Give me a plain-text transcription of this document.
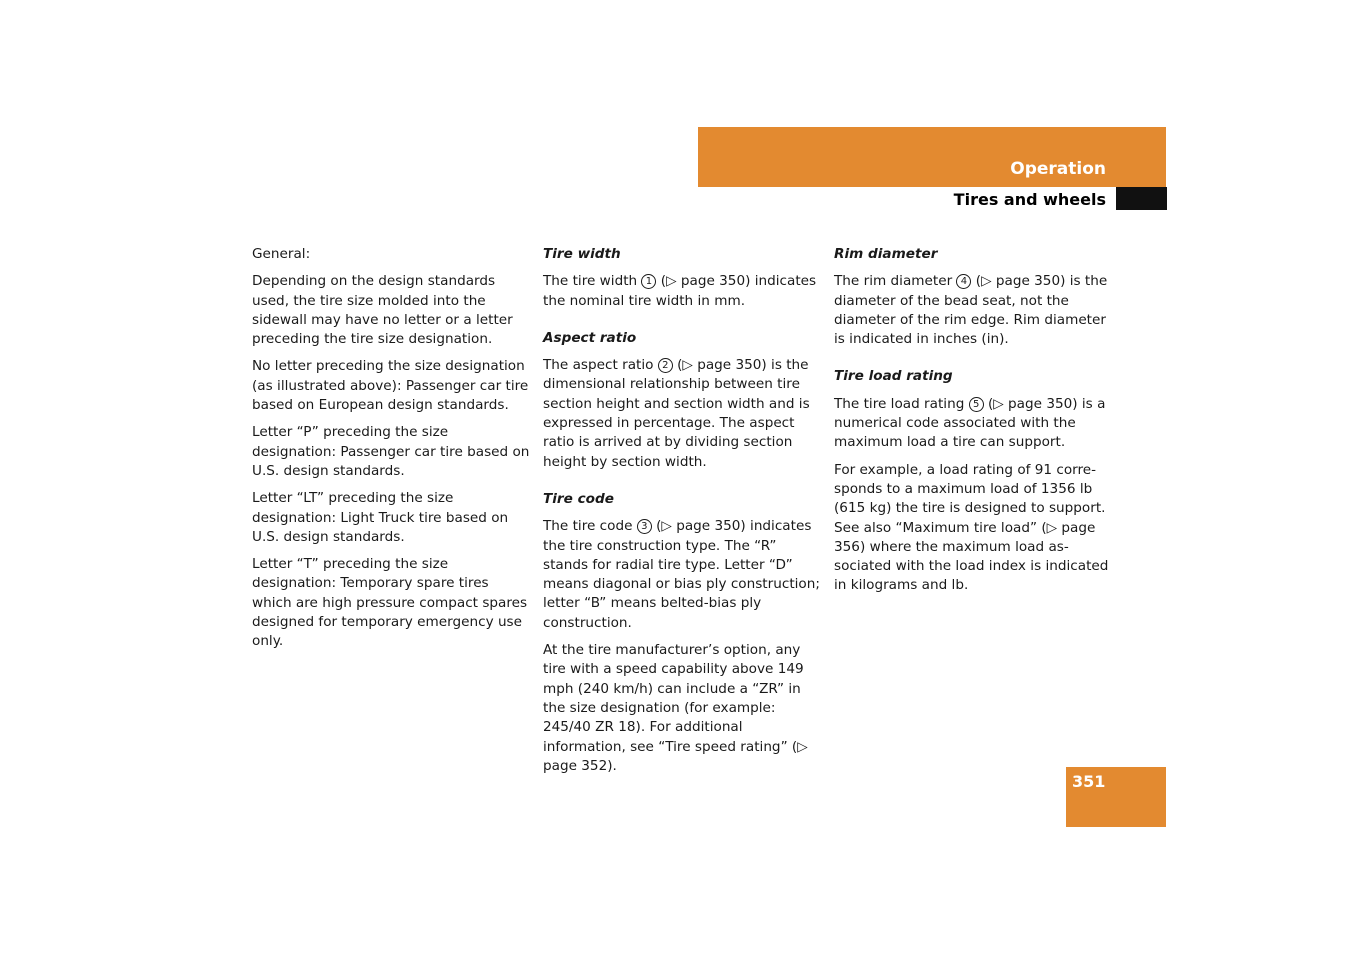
Operation
Tires and wheels

General:

Depending on the design standards used, the tire size molded into the sidewall may have no letter or a letter preceding the tire size designation.

No letter preceding the size designation (as illustrated above): Passenger car tire based on European design standards.

Letter “P” preceding the size designation: Passenger car tire based on U.S. design standards.

Letter “LT” preceding the size designation: Light Truck tire based on U.S. design standards.

Letter “T” preceding the size designation: Temporary spare tires which are high pressure compact spares designed for temporary emergency use only.

Tire width

The tire width 1 (▷ page 350) indicates the nominal tire width in mm.

Aspect ratio

The aspect ratio 2 (▷ page 350) is the dimensional relationship between tire section height and section width and is expressed in percentage. The aspect ratio is arrived at by dividing section height by section width.

Tire code

The tire code 3 (▷ page 350) indicates the tire construction type. The “R” stands for radial tire type. Letter “D” means diagonal or bias ply construction; letter “B” means belted-bias ply construction.

At the tire manufacturer’s option, any tire with a speed capability above 149 mph (240 km/h) can include a “ZR” in the size designation (for example: 245/40 ZR 18). For additional information, see “Tire speed rating” (▷ page 352).

Rim diameter

The rim diameter 4 (▷ page 350) is the diameter of the bead seat, not the diameter of the rim edge. Rim diameter is indicated in inches (in).

Tire load rating

The tire load rating 5 (▷ page 350) is a numerical code associated with the maximum load a tire can support.

For example, a load rating of 91 corre-sponds to a maximum load of 1356 lb (615 kg) the tire is designed to support. See also “Maximum tire load” (▷ page 356) where the maximum load as-sociated with the load index is indicated in kilograms and lb.

351
